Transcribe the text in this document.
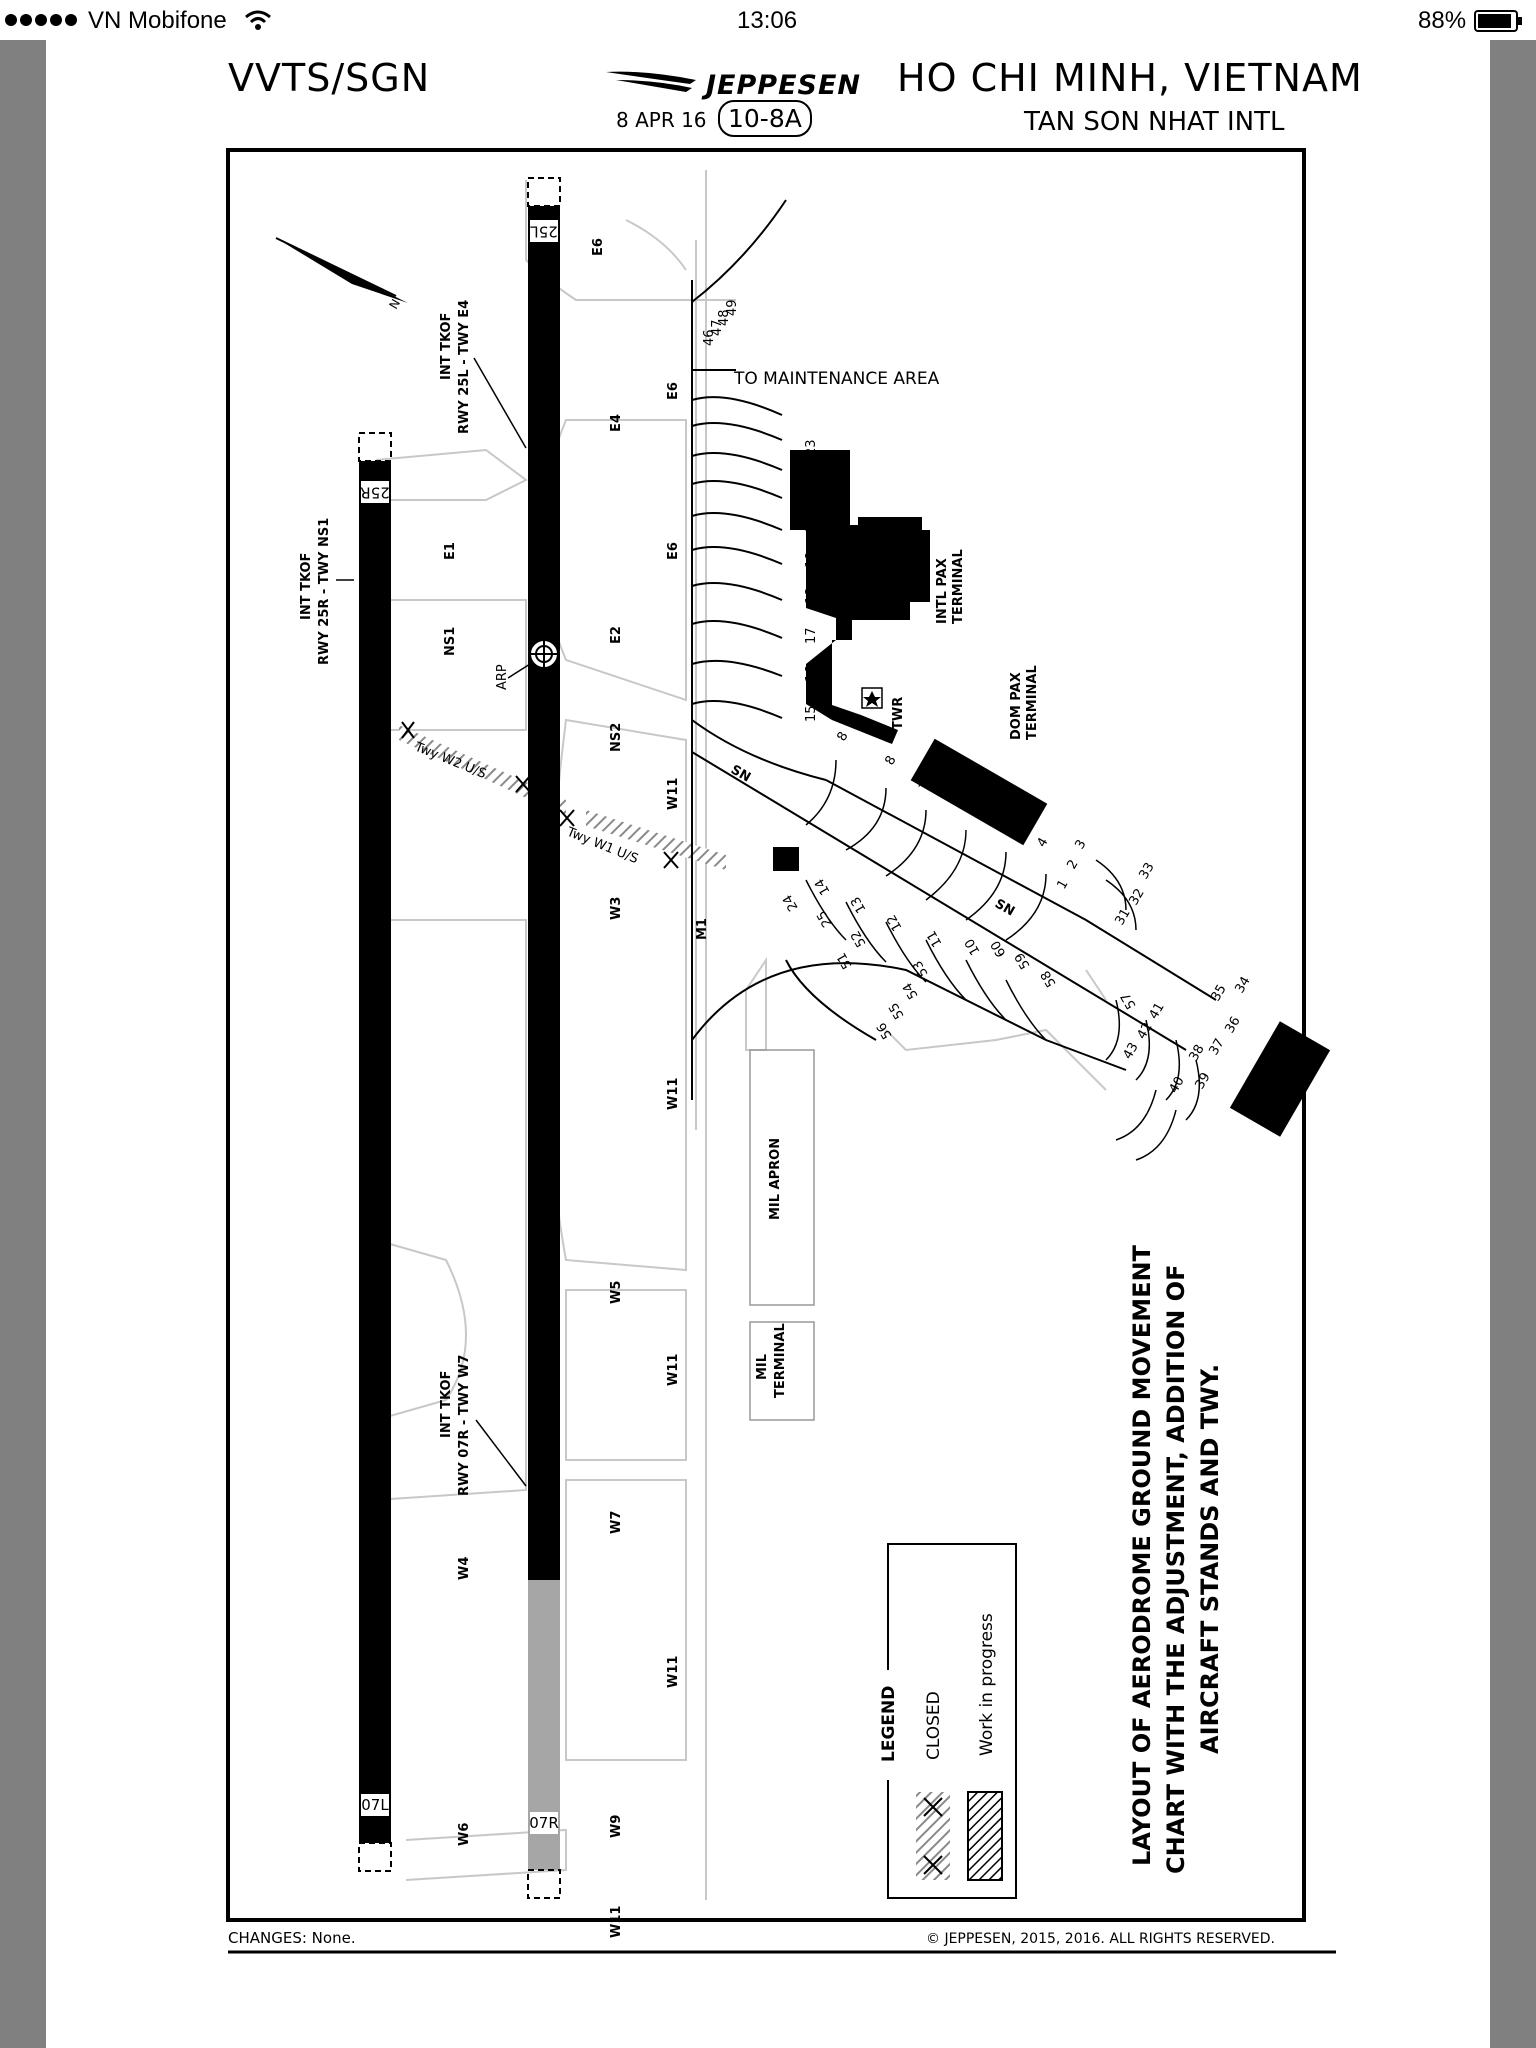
VN Mobifone	13:06	88%
VVTS/SGN	JEPPESEN
8 APR 16 10-8A
HO CHI MINH, VIETNAM
TAN SON NHAT INTL
25R
07L
25L
07R
ARP
N
INT TKOF RWY 25L - TWY E4
INT TKOF RWY 25R - TWY NS1
INT TKOF RWY 07R - TWY W7
Twy W2 U/S
Twy W1 U/S
E6
E4
E1
NS1	E2
NS2
E6
E6
W11
W3
M1
W11
W5
W11
W7
W4
W11
W6	W9
W11
SN
SN
TWR
INTL PAX TERMINAL
DOM PAX TERMINAL
MIL APRON
MIL TERMINAL
TO MAINTENANCE AREA
46
47
48
49
23
22
21
20
19
18
17
16
15
8
8
7
6
5
4 3
2
1
33
32
31
14
24
25
13
12
11 10 60
59
58
51
52
53
54
55
56
57 41
42
43
40 39
38
37
36
35 34
LEGEND CLOSED Work in progress	LAYOUT OF AERODROME GROUND MOVEMENT CHART WITH THE ADJUSTMENT, ADDITION OF AIRCRAFT STANDS AND TWY.
CHANGES: None.	© JEPPESEN, 2015, 2016. ALL RIGHTS RESERVED.
